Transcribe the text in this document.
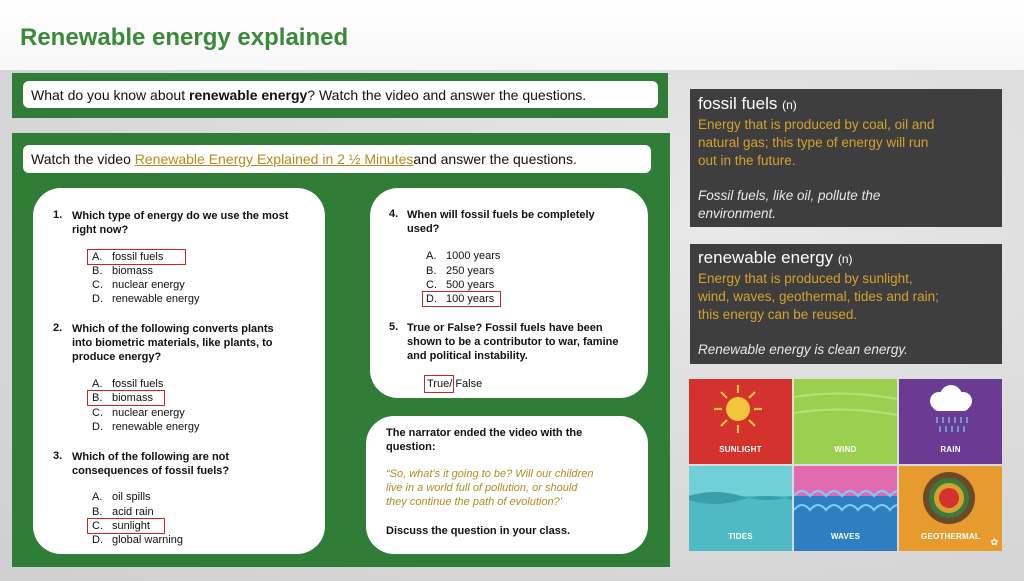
Renewable energy explained
What do you know about
renewable energy ? Watch the video and answer the questions.
Watch the video
Renewable Energy Explained in 2 ½ Minutes and answer the questions.
1. Which type of energy do we use the most
right now?
A. fossil fuels
B. biomass
C. nuclear energy
D. renewable energy
2. Which of the following converts plants
into biometric materials, like plants, to
produce energy?
A. fossil fuels
B. biomass
C. nuclear energy
D. renewable energy
3. Which of the following are not
consequences of fossil fuels?
A. oil spills
B. acid rain
C. sunlight
D. global warning
4. When will fossil fuels be completely
used?
A. 1000 years
B. 250 years
C. 500 years
D. 100 years
5. True or False? Fossil fuels have been
shown to be a contributor to war, famine
and political instability.
True/ False
The narrator ended the video with the
question:
“So, what's it going to be? Will our children
live in a world full of pollution, or should
they continue the path of evolution?’
Discuss the question in your class.
fossil fuels (n)
Energy that is produced by coal, oil and
natural gas; this type of energy will run
out in the future.
Fossil fuels, like oil, pollute the
environment.
renewable energy (n)
Energy that is produced by sunlight,
wind, waves, geothermal, tides and rain;
this energy can be reused.
Renewable energy is clean energy.
SUNLIGHT	WIND	RAIN
TIDES	WAVES	GEOTHERMAL
✿
